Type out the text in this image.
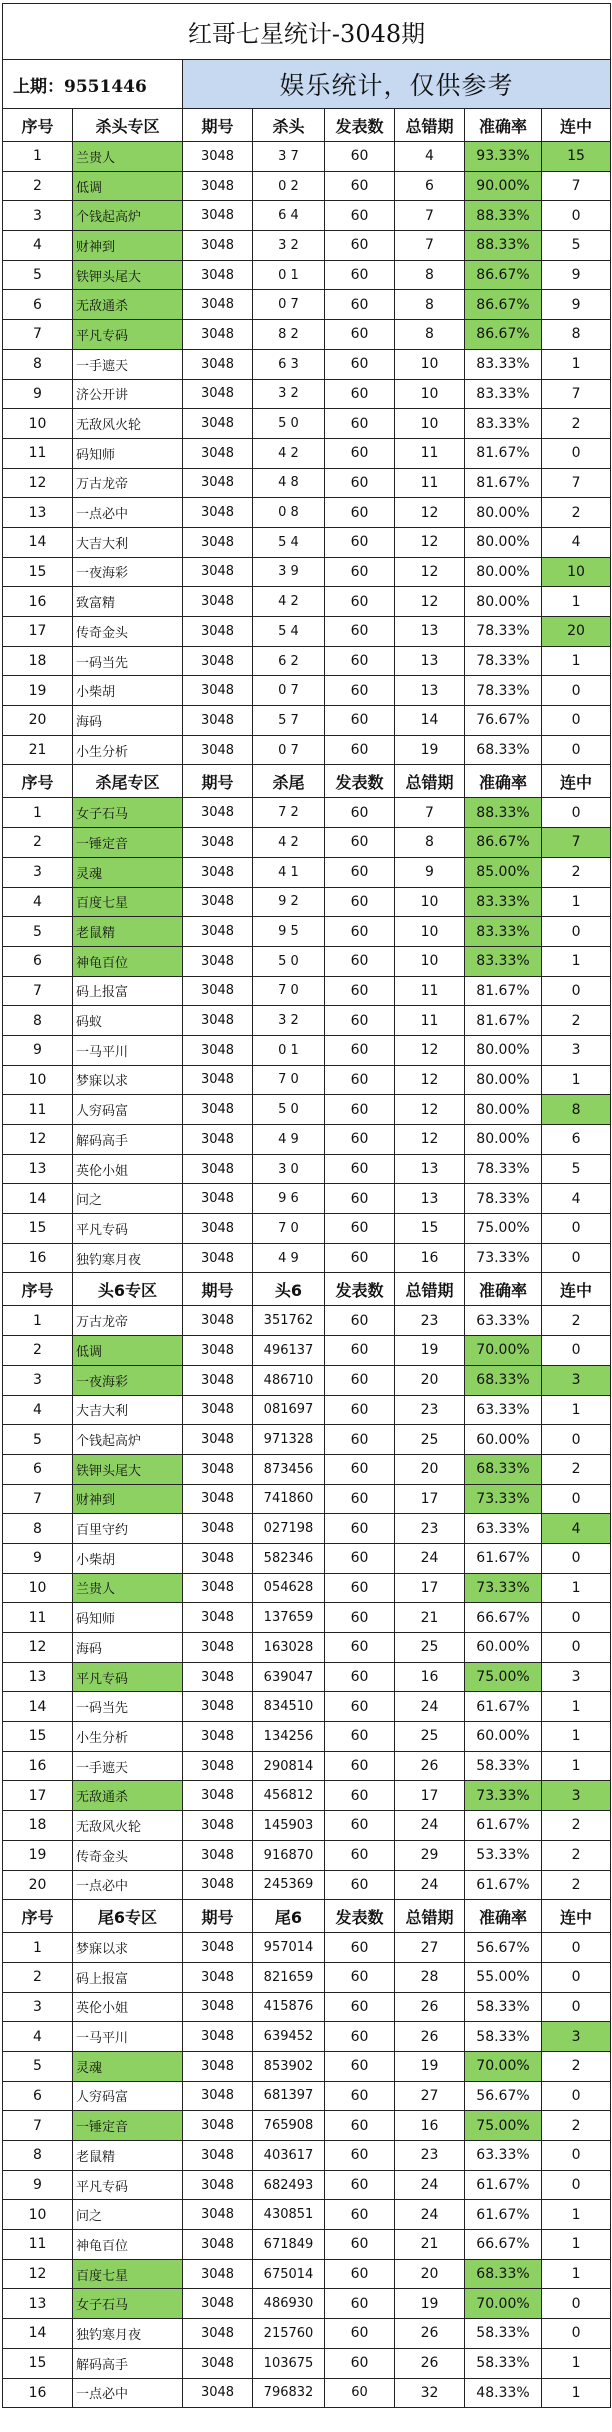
红哥七星统计-3048期							
上期：9551446		娱乐统计，仅供参考					
序号	杀头专区	期号	杀头	发表数	总错期	准确率	连中
1	兰贵人	3048	3 7	60	4	93.33%	15
2	低调	3048	0 2	60	6	90.00%	7
3	个钱起高炉	3048	6 4	60	7	88.33%	0
4	财神到	3048	3 2	60	7	88.33%	5
5	铁钾头尾大	3048	0 1	60	8	86.67%	9
6	无敌通杀	3048	0 7	60	8	86.67%	9
7	平凡专码	3048	8 2	60	8	86.67%	8
8	一手遮天	3048	6 3	60	10	83.33%	1
9	济公开讲	3048	3 2	60	10	83.33%	7
10	无敌风火轮	3048	5 0	60	10	83.33%	2
11	码知师	3048	4 2	60	11	81.67%	0
12	万古龙帝	3048	4 8	60	11	81.67%	7
13	一点必中	3048	0 8	60	12	80.00%	2
14	大吉大利	3048	5 4	60	12	80.00%	4
15	一夜海彩	3048	3 9	60	12	80.00%	10
16	致富精	3048	4 2	60	12	80.00%	1
17	传奇金头	3048	5 4	60	13	78.33%	20
18	一码当先	3048	6 2	60	13	78.33%	1
19	小柴胡	3048	0 7	60	13	78.33%	0
20	海码	3048	5 7	60	14	76.67%	0
21	小生分析	3048	0 7	60	19	68.33%	0
序号	杀尾专区	期号	杀尾	发表数	总错期	准确率	连中
1	女子石马	3048	7 2	60	7	88.33%	0
2	一锤定音	3048	4 2	60	8	86.67%	7
3	灵魂	3048	4 1	60	9	85.00%	2
4	百度七星	3048	9 2	60	10	83.33%	1
5	老鼠精	3048	9 5	60	10	83.33%	0
6	神龟百位	3048	5 0	60	10	83.33%	1
7	码上报富	3048	7 0	60	11	81.67%	0
8	码蚁	3048	3 2	60	11	81.67%	2
9	一马平川	3048	0 1	60	12	80.00%	3
10	梦寐以求	3048	7 0	60	12	80.00%	1
11	人穷码富	3048	5 0	60	12	80.00%	8
12	解码高手	3048	4 9	60	12	80.00%	6
13	英伦小姐	3048	3 0	60	13	78.33%	5
14	问之	3048	9 6	60	13	78.33%	4
15	平凡专码	3048	7 0	60	15	75.00%	0
16	独钓寒月夜	3048	4 9	60	16	73.33%	0
序号	头6专区	期号	头6	发表数	总错期	准确率	连中
1	万古龙帝	3048	351762	60	23	63.33%	2
2	低调	3048	496137	60	19	70.00%	0
3	一夜海彩	3048	486710	60	20	68.33%	3
4	大吉大利	3048	081697	60	23	63.33%	1
5	个钱起高炉	3048	971328	60	25	60.00%	0
6	铁钾头尾大	3048	873456	60	20	68.33%	2
7	财神到	3048	741860	60	17	73.33%	0
8	百里守约	3048	027198	60	23	63.33%	4
9	小柴胡	3048	582346	60	24	61.67%	0
10	兰贵人	3048	054628	60	17	73.33%	1
11	码知师	3048	137659	60	21	66.67%	0
12	海码	3048	163028	60	25	60.00%	0
13	平凡专码	3048	639047	60	16	75.00%	3
14	一码当先	3048	834510	60	24	61.67%	1
15	小生分析	3048	134256	60	25	60.00%	1
16	一手遮天	3048	290814	60	26	58.33%	1
17	无敌通杀	3048	456812	60	17	73.33%	3
18	无敌风火轮	3048	145903	60	24	61.67%	2
19	传奇金头	3048	916870	60	29	53.33%	2
20	一点必中	3048	245369	60	24	61.67%	2
序号	尾6专区	期号	尾6	发表数	总错期	准确率	连中
1	梦寐以求	3048	957014	60	27	56.67%	0
2	码上报富	3048	821659	60	28	55.00%	0
3	英伦小姐	3048	415876	60	26	58.33%	0
4	一马平川	3048	639452	60	26	58.33%	3
5	灵魂	3048	853902	60	19	70.00%	2
6	人穷码富	3048	681397	60	27	56.67%	0
7	一锤定音	3048	765908	60	16	75.00%	2
8	老鼠精	3048	403617	60	23	63.33%	0
9	平凡专码	3048	682493	60	24	61.67%	0
10	问之	3048	430851	60	24	61.67%	1
11	神龟百位	3048	671849	60	21	66.67%	1
12	百度七星	3048	675014	60	20	68.33%	1
13	女子石马	3048	486930	60	19	70.00%	0
14	独钓寒月夜	3048	215760	60	26	58.33%	0
15	解码高手	3048	103675	60	26	58.33%	1
16	一点必中	3048	796832	60	32	48.33%	1
